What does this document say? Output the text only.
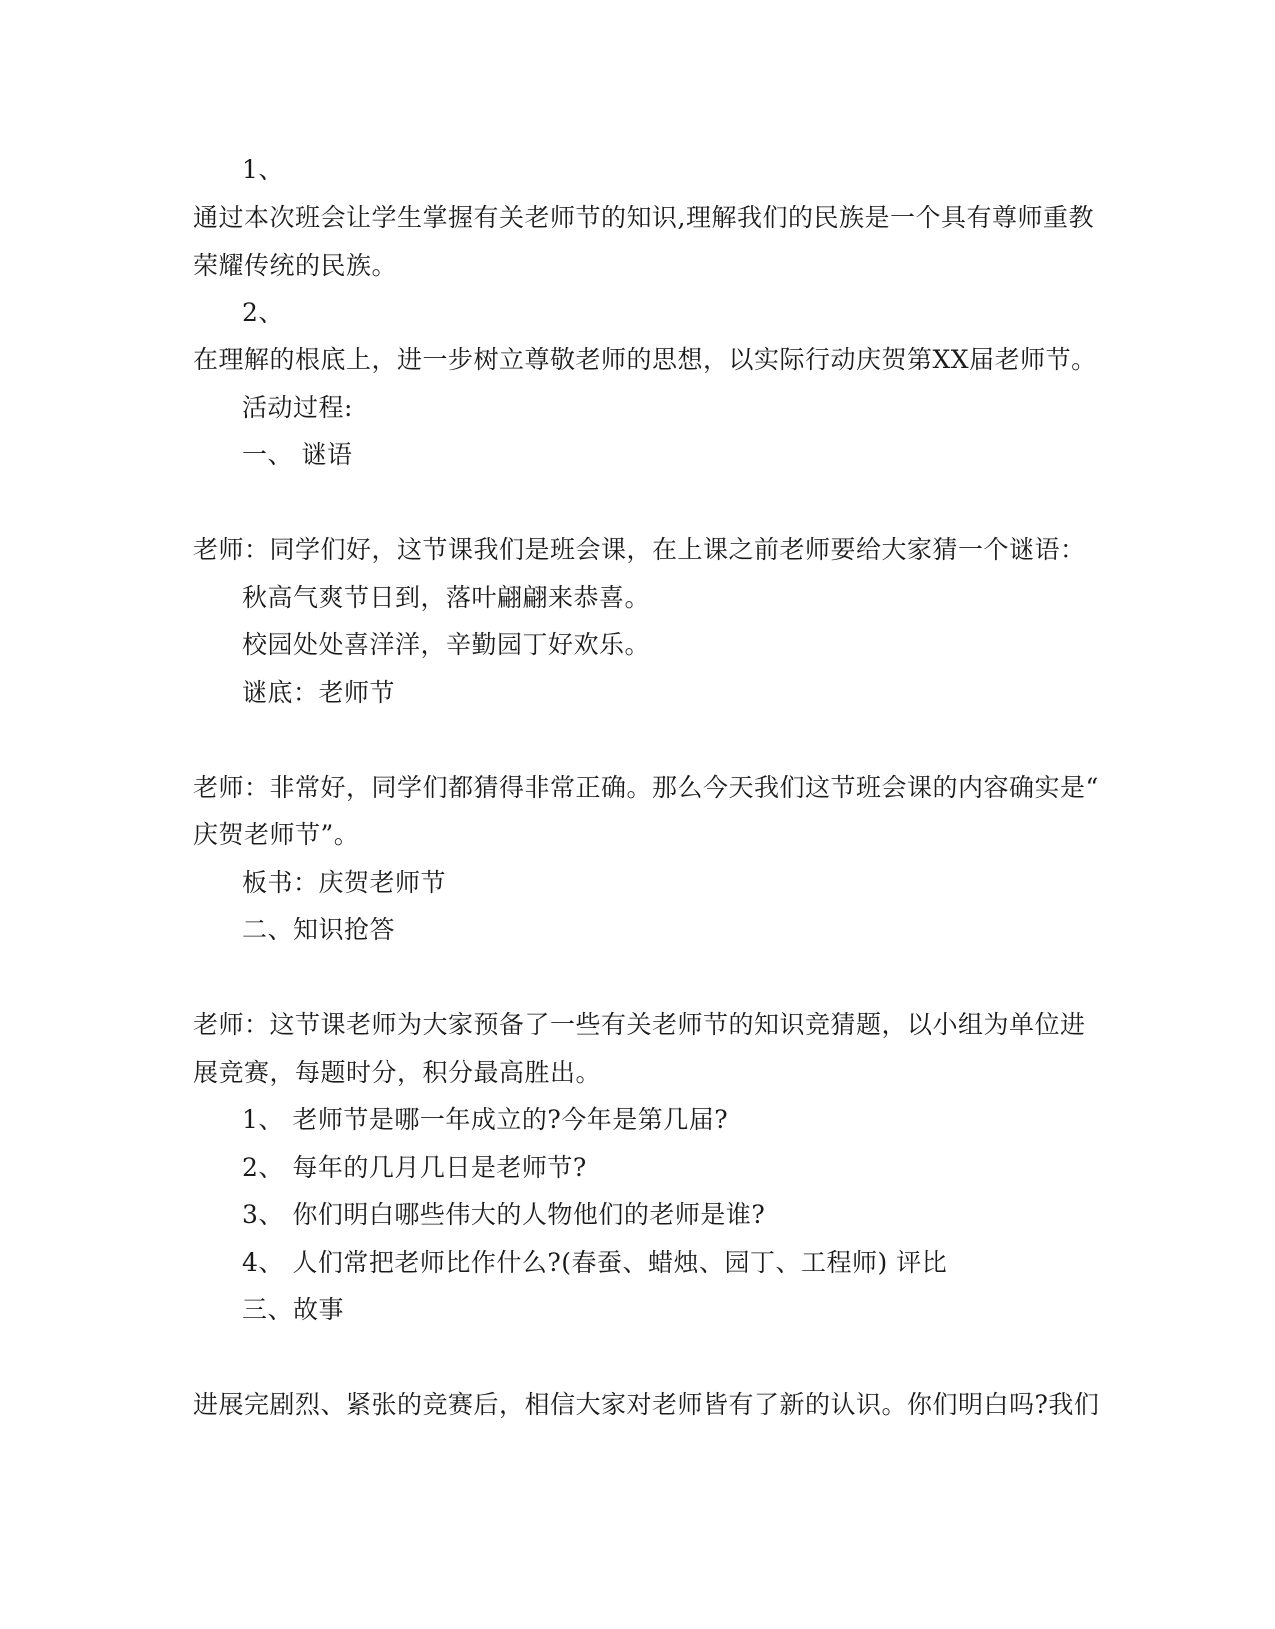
1、
通过本次班会让学生掌握有关老师节的知识,理解我们的民族是一个具有尊师重教
荣耀传统的民族。
2、
在理解的根底上，进一步树立尊敬老师的思想，以实际行动庆贺第XX届老师节。
活动过程:
一、 谜语
老师：同学们好，这节课我们是班会课，在上课之前老师要给大家猜一个谜语：
秋高气爽节日到，落叶翩翩来恭喜。
校园处处喜洋洋，辛勤园丁好欢乐。
谜底：老师节
老师：非常好，同学们都猜得非常正确。那么今天我们这节班会课的内容确实是“
庆贺老师节”。
板书：庆贺老师节
二、知识抢答
老师：这节课老师为大家预备了一些有关老师节的知识竞猜题，以小组为单位进
展竞赛，每题时分，积分最高胜出。
1、 老师节是哪一年成立的?今年是第几届?
2、 每年的几月几日是老师节?
3、 你们明白哪些伟大的人物他们的老师是谁?
4、 人们常把老师比作什么?(春蚕、蜡烛、园丁、工程师) 评比
三、故事
进展完剧烈、紧张的竞赛后，相信大家对老师皆有了新的认识。你们明白吗?我们
